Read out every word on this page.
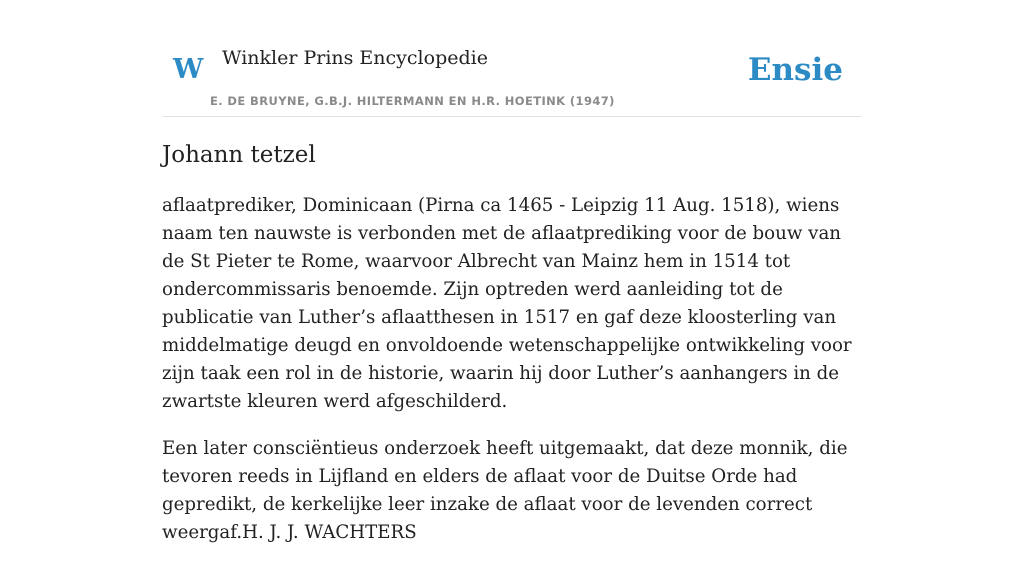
W Winkler Prins Encyclopedie
E. DE BRUYNE, G.B.J. HILTERMANN EN H.R. HOETINK (1947)
Ensie
Johann tetzel

aflaatprediker, Dominicaan (Pirna ca 1465 - Leipzig 11 Aug. 1518), wiens naam ten nauwste is verbonden met de aflaatprediking voor de bouw van de St Pieter te Rome, waarvoor Albrecht van Mainz hem in 1514 tot ondercommissaris benoemde. Zijn optreden werd aanleiding tot de publicatie van Luther’s aflaatthesen in 1517 en gaf deze kloosterling van middelmatige deugd en onvoldoende wetenschappelijke ontwikkeling voor zijn taak een rol in de historie, waarin hij door Luther’s aanhangers in de zwartste kleuren werd afgeschilderd.

Een later consciëntieus onderzoek heeft uitgemaakt, dat deze monnik, die tevoren reeds in Lijfland en elders de aflaat voor de Duitse Orde had gepredikt, de kerkelijke leer inzake de aflaat voor de levenden correct weergaf.H. J. J. WACHTERS
